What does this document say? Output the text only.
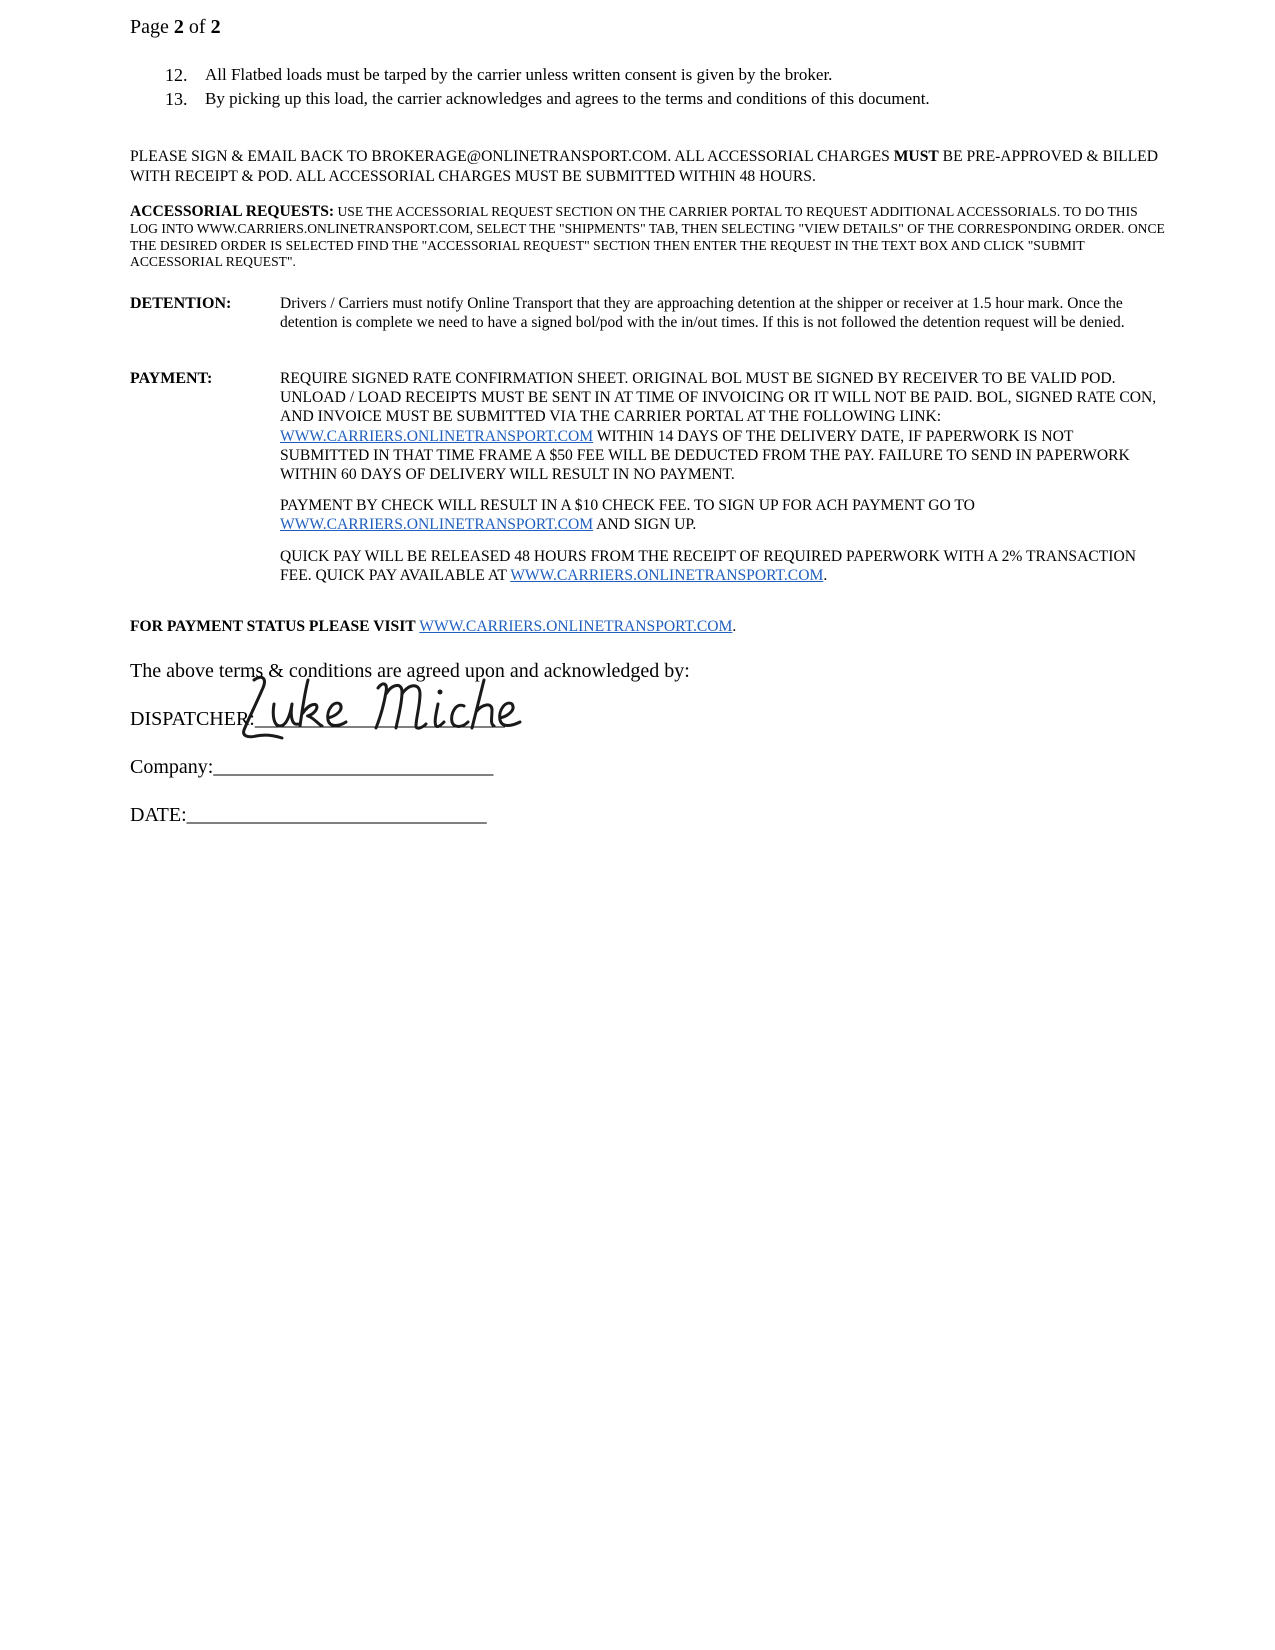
Page 2 of 2
12.	All Flatbed loads must be tarped by the carrier unless written consent is given by the broker.
13.	By picking up this load, the carrier acknowledges and agrees to the terms and conditions of this document.
PLEASE SIGN & EMAIL BACK TO BROKERAGE@ONLINETRANSPORT.COM. ALL ACCESSORIAL CHARGES MUST BE PRE-APPROVED & BILLED WITH RECEIPT & POD. ALL ACCESSORIAL CHARGES MUST BE SUBMITTED WITHIN 48 HOURS.
ACCESSORIAL REQUESTS: USE THE ACCESSORIAL REQUEST SECTION ON THE CARRIER PORTAL TO REQUEST ADDITIONAL ACCESSORIALS. TO DO THIS LOG INTO WWW.CARRIERS.ONLINETRANSPORT.COM, SELECT THE "SHIPMENTS" TAB, THEN SELECTING "VIEW DETAILS" OF THE CORRESPONDING ORDER. ONCE THE DESIRED ORDER IS SELECTED FIND THE "ACCESSORIAL REQUEST" SECTION THEN ENTER THE REQUEST IN THE TEXT BOX AND CLICK "SUBMIT ACCESSORIAL REQUEST".
DETENTION:	Drivers / Carriers must notify Online Transport that they are approaching detention at the shipper or receiver at 1.5 hour mark. Once the detention is complete we need to have a signed bol/pod with the in/out times. If this is not followed the detention request will be denied.
PAYMENT:	REQUIRE SIGNED RATE CONFIRMATION SHEET. ORIGINAL BOL MUST BE SIGNED BY RECEIVER TO BE VALID POD. UNLOAD / LOAD RECEIPTS MUST BE SENT IN AT TIME OF INVOICING OR IT WILL NOT BE PAID. BOL, SIGNED RATE CON, AND INVOICE MUST BE SUBMITTED VIA THE CARRIER PORTAL AT THE FOLLOWING LINK: WWW.CARRIERS.ONLINETRANSPORT.COM WITHIN 14 DAYS OF THE DELIVERY DATE, IF PAPERWORK IS NOT SUBMITTED IN THAT TIME FRAME A $50 FEE WILL BE DEDUCTED FROM THE PAY. FAILURE TO SEND IN PAPERWORK WITHIN 60 DAYS OF DELIVERY WILL RESULT IN NO PAYMENT.

PAYMENT BY CHECK WILL RESULT IN A $10 CHECK FEE. TO SIGN UP FOR ACH PAYMENT GO TO WWW.CARRIERS.ONLINETRANSPORT.COM AND SIGN UP.

QUICK PAY WILL BE RELEASED 48 HOURS FROM THE RECEIPT OF REQUIRED PAPERWORK WITH A 2% TRANSACTION FEE. QUICK PAY AVAILABLE AT WWW.CARRIERS.ONLINETRANSPORT.COM.

FOR PAYMENT STATUS PLEASE VISIT WWW.CARRIERS.ONLINETRANSPORT.COM.
The above terms & conditions are agreed upon and acknowledged by:
DISPATCHER:_________________________
Company:____________________________
DATE:______________________________
